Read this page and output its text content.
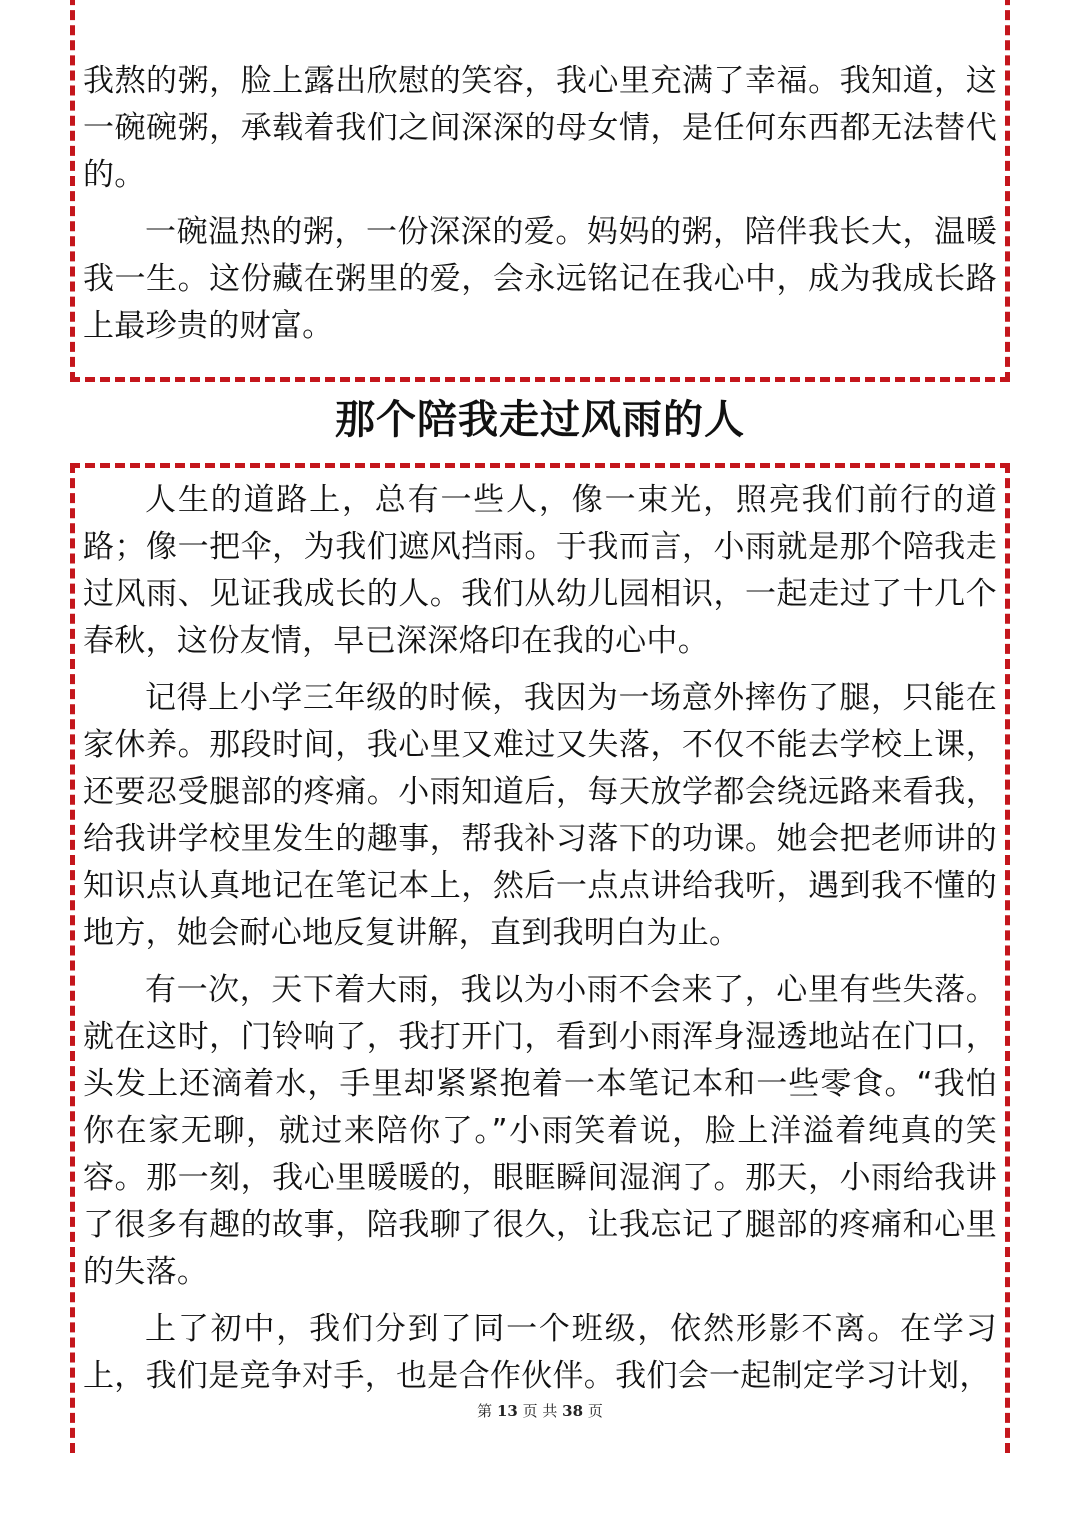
我熬的粥，脸上露出欣慰的笑容，我心里充满了幸福。我知道，这一碗碗粥，承载着我们之间深深的母女情，是任何东西都无法替代的。

一碗温热的粥，一份深深的爱。妈妈的粥，陪伴我长大，温暖我一生。这份藏在粥里的爱，会永远铭记在我心中，成为我成长路上最珍贵的财富。

那个陪我走过风雨的人

人生的道路上，总有一些人，像一束光，照亮我们前行的道路；像一把伞，为我们遮风挡雨。于我而言，小雨就是那个陪我走过风雨、见证我成长的人。我们从幼儿园相识，一起走过了十几个春秋，这份友情，早已深深烙印在我的心中。

记得上小学三年级的时候，我因为一场意外摔伤了腿，只能在家休养。那段时间，我心里又难过又失落，不仅不能去学校上课，还要忍受腿部的疼痛。小雨知道后，每天放学都会绕远路来看我，给我讲学校里发生的趣事，帮我补习落下的功课。她会把老师讲的知识点认真地记在笔记本上，然后一点点讲给我听，遇到我不懂的地方，她会耐心地反复讲解，直到我明白为止。

有一次，天下着大雨，我以为小雨不会来了，心里有些失落。就在这时，门铃响了，我打开门，看到小雨浑身湿透地站在门口，头发上还滴着水，手里却紧紧抱着一本笔记本和一些零食。“我怕你在家无聊，就过来陪你了。”小雨笑着说，脸上洋溢着纯真的笑容。那一刻，我心里暖暖的，眼眶瞬间湿润了。那天，小雨给我讲了很多有趣的故事，陪我聊了很久，让我忘记了腿部的疼痛和心里的失落。

上了初中，我们分到了同一个班级，依然形影不离。在学习上，我们是竞争对手，也是合作伙伴。我们会一起制定学习计划，

第 13 页 共 38 页
